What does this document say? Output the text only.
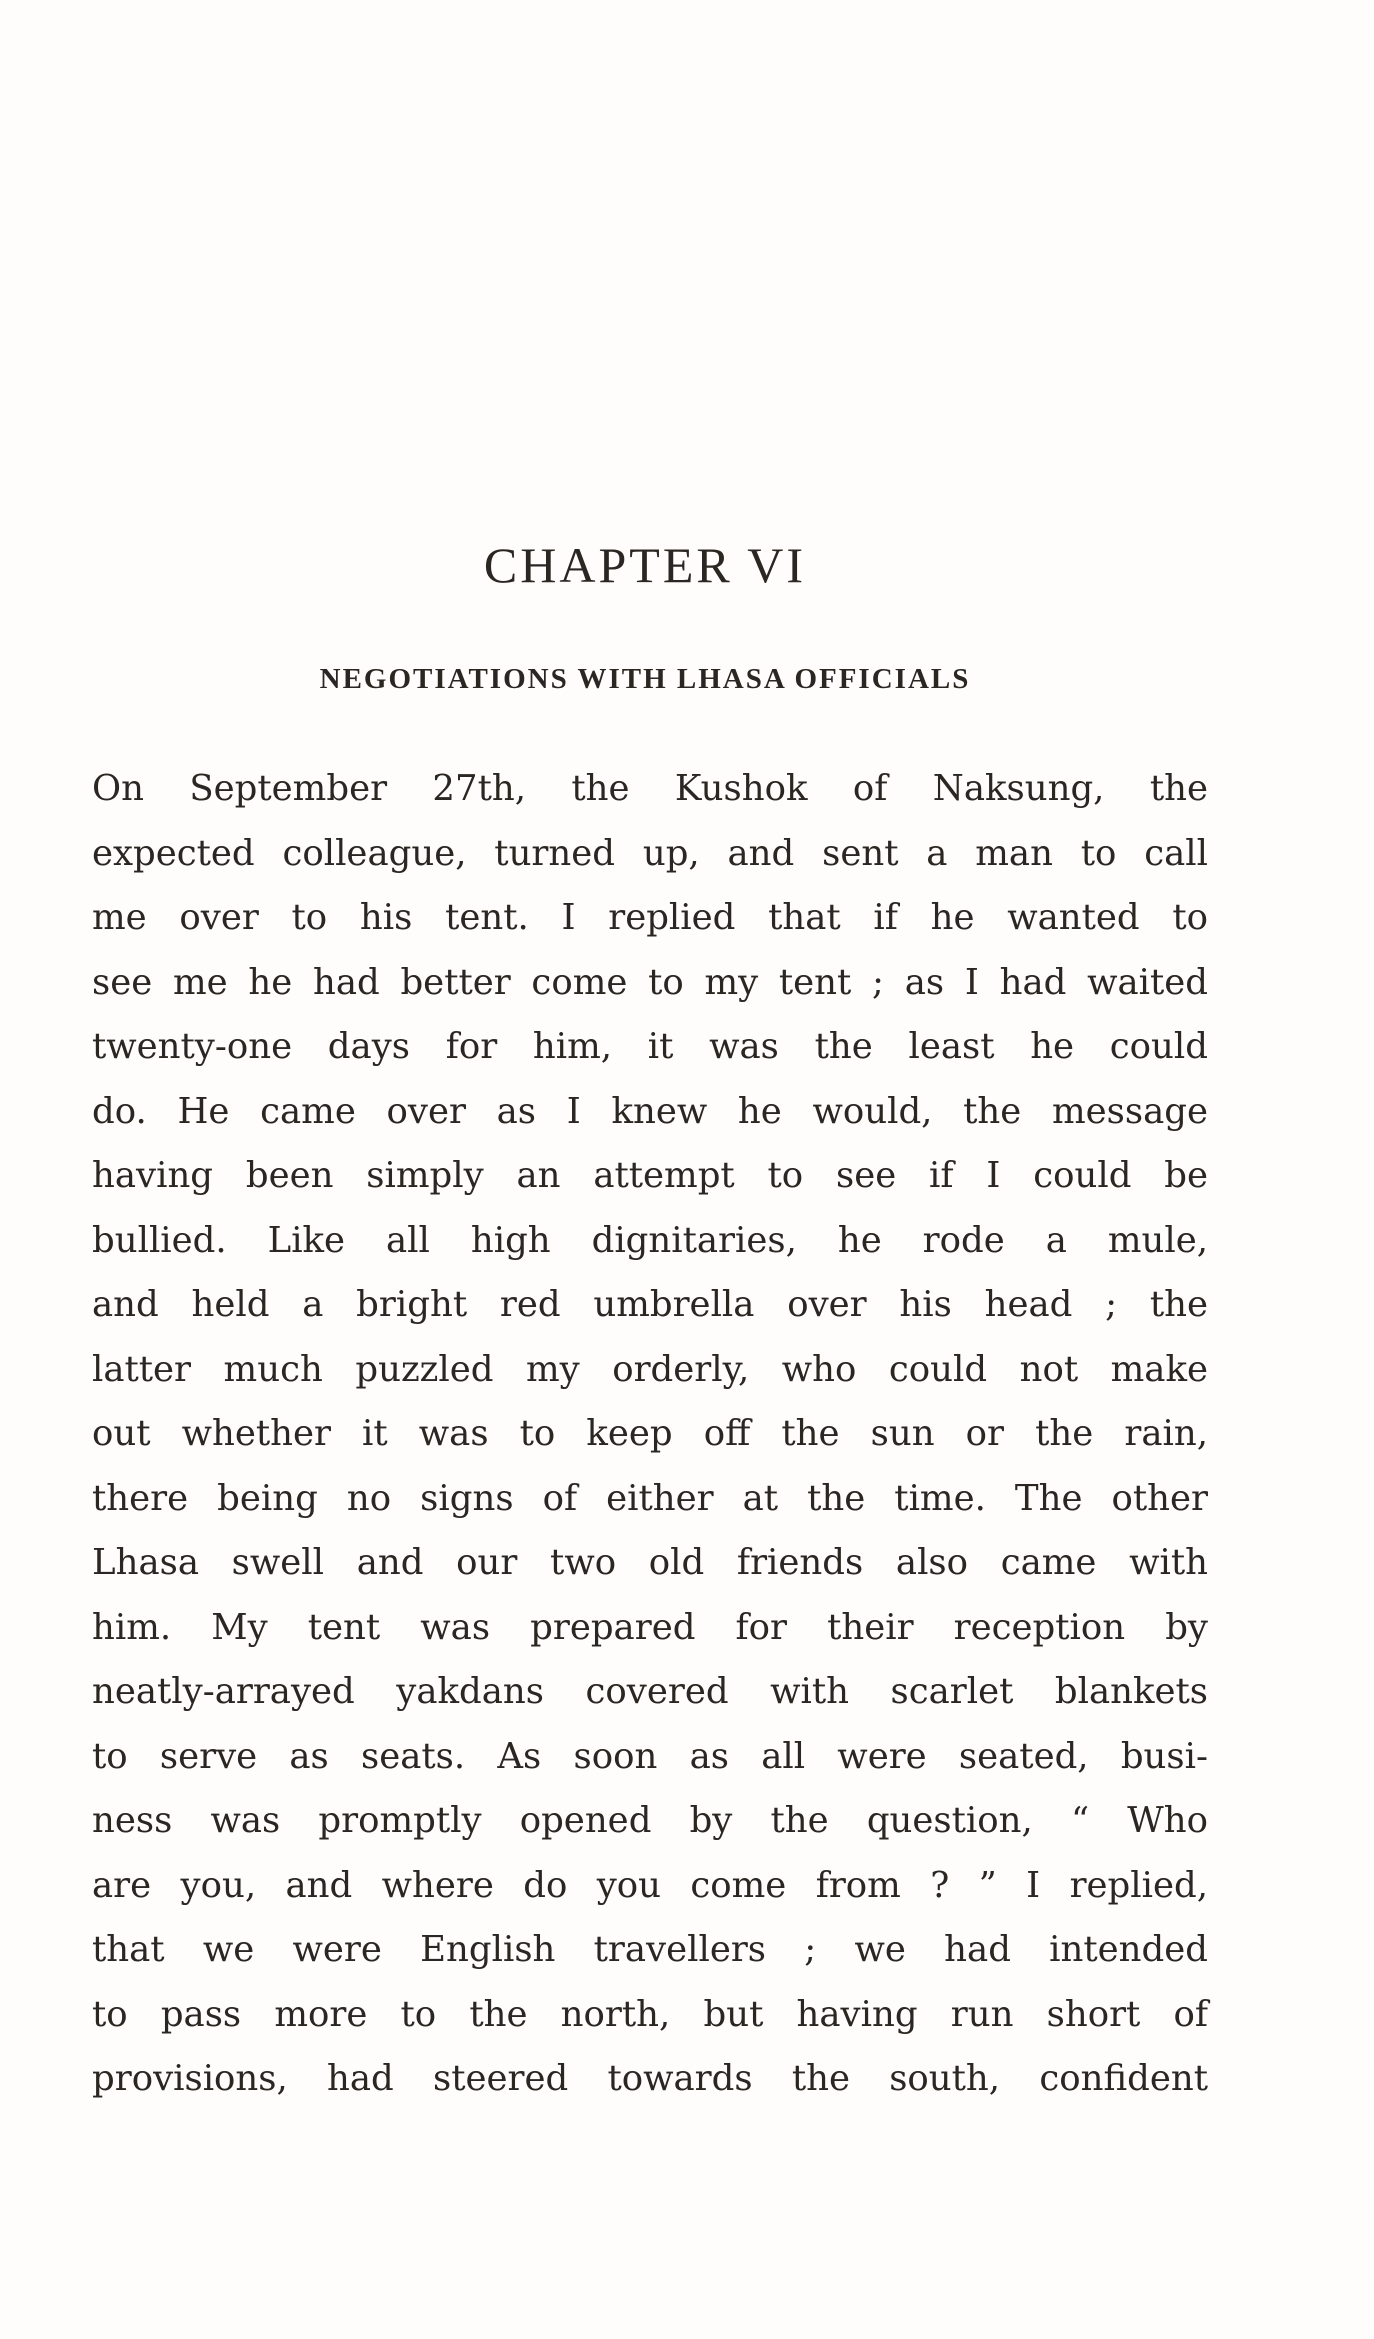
CHAPTER VI
NEGOTIATIONS WITH LHASA OFFICIALS
On September 27th, the Kushok of Naksung, the
expected colleague, turned up, and sent a man to call
me over to his tent. I replied that if he wanted to
see me he had better come to my tent ; as I had waited
twenty-one days for him, it was the least he could
do. He came over as I knew he would, the message
having been simply an attempt to see if I could be
bullied. Like all high dignitaries, he rode a mule,
and held a bright red umbrella over his head ; the
latter much puzzled my orderly, who could not make
out whether it was to keep off the sun or the rain,
there being no signs of either at the time. The other
Lhasa swell and our two old friends also came with
him. My tent was prepared for their reception by
neatly-arrayed yakdans covered with scarlet blankets
to serve as seats. As soon as all were seated, busi-
ness was promptly opened by the question, “ Who
are you, and where do you come from ? ” I replied,
that we were English travellers ; we had intended
to pass more to the north, but having run short of
provisions, had steered towards the south, confident
